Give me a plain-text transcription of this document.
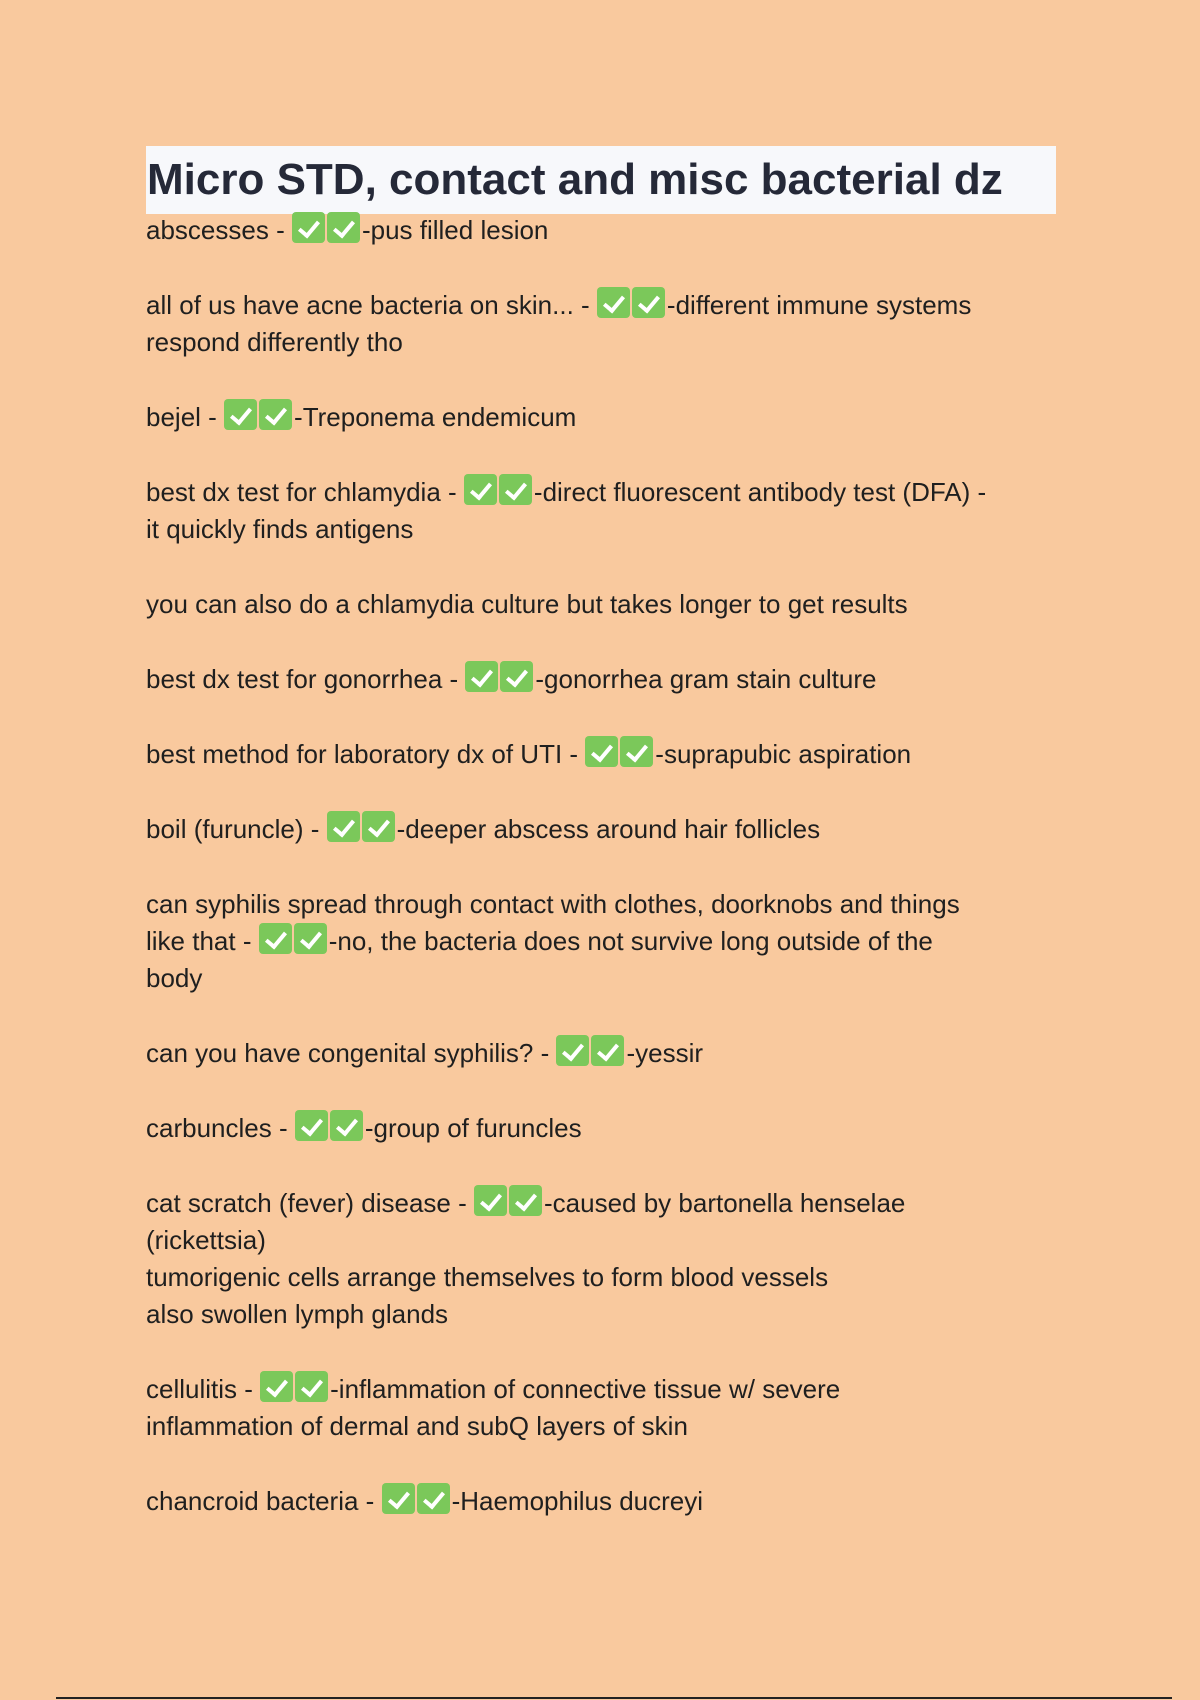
Micro STD, contact and misc bacterial dz
abscesses -	-pus filled lesion
all of us have acne bacteria on skin... -	-different immune systems
respond differently tho
bejel -	-Treponema endemicum
best dx test for chlamydia -	-direct fluorescent antibody test (DFA) -
it quickly finds antigens
you can also do a chlamydia culture but takes longer to get results
best dx test for gonorrhea -	-gonorrhea gram stain culture
best method for laboratory dx of UTI -	-suprapubic aspiration
boil (furuncle) -	-deeper abscess around hair follicles
can syphilis spread through contact with clothes, doorknobs and things
like that -	-no, the bacteria does not survive long outside of the
body
can you have congenital syphilis? -	-yessir
carbuncles -	-group of furuncles
cat scratch (fever) disease -	-caused by bartonella henselae
(rickettsia)
tumorigenic cells arrange themselves to form blood vessels
also swollen lymph glands
cellulitis -	-inflammation of connective tissue w/ severe
inflammation of dermal and subQ layers of skin
chancroid bacteria -	-Haemophilus ducreyi
